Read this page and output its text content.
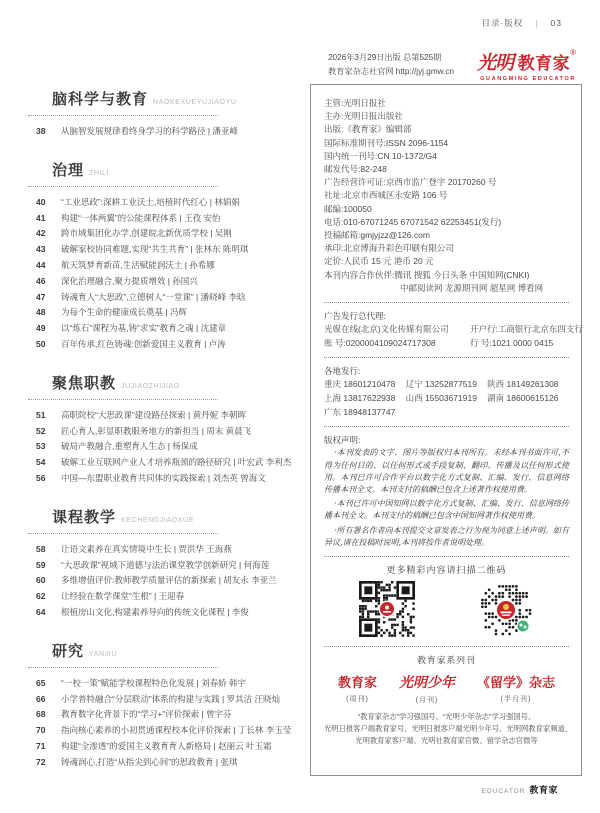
目录·版权 | 03
脑科学与教育 NAOKEXUEYUJIAOYU
38	从脑智发展规律看终身学习的科学路径 | 潘亚峰
治理 ZHILI
40	“工业思政”:深耕工业沃土,培植时代红心 | 林娟娟
41	构建“一体两翼”的公能课程体系 | 王孜 安怡
42	跨市域集团化办学,创建皖北新优质学校 | 吴刚
43	破解家校协同难题,实现“共生共育” | 张林东 陈明琪
44	航天筑梦育新苗,生活赋能润沃土 | 孙希娜
46	深化治理融合,聚力提质增效 | 孙国兴
47	铸魂育人“大思政”,立德树人“一堂课” | 潘晓峰 李晗
48	为每个生命的健康成长奠基 | 冯辉
49	以“炼石”课程为基,铸“求实”教育之魂 | 沈建章
50	百年传承,红色铸魂:创新爱国主义教育 | 卢涛
聚焦职教 JUJIAOZHIJIAO
51	高职院校“大思政课”建设路径探索 | 黄丹妮 李朝晖
52	匠心育人,彰显职教服务地方的新担当 | 周末 黄晨飞
53	破局产教融合,重塑育人生态 | 杨保成
54	破解工业互联网产业人才培养瓶颈的路径研究 | 叶宏武 李利杰
56	中国—东盟职业教育共同体的实践探索 | 刘杰英 曾海文
课程教学 KECHENGJIAOXUE
58	让语文素养在真实情境中生长 | 贾洪华 王海燕
59	“大思政课”视域下道德与法治课堂教学创新研究 | 何海莲
60	多维增值评价:教师教学质量评估的新探索 | 胡友永 李亚兰
62	让经验在数学课堂“生根” | 王迎春
64	根植房山文化,构建素养导向的传统文化课程 | 李俊
研究 YANJIU
65	“一校一策”赋能学校课程特色化发展 | 刘春娇 韩宇
66	小学普特融合“分层联动”体系的构建与实践 | 罗其洁 汪晓灿
68	教育数字化背景下的“学习+”评价探索 | 曾宇芬
70	指向核心素养的小初贯通课程校本化评价探索 | 丁长林 李玉莹
71	构建“全渗透”的爱国主义教育育人新格局 | 赵丽云 叶玉霜
72	铸魂润心,打造“从指尖到心间”的思政教育 | 张琪
2026年3月29日出版 总第525期
教育家杂志社官网 http://jyj.gmw.cn 光明 教育家®
GUANGMING EDUCATOR
主管:光明日报社
主办:光明日报出版社
出版:《教育家》编辑部
国际标准期刊号:ISSN 2096-1154
国内统一刊号:CN 10-1372/G4
邮发代号:82-248
广告经营许可证:京西市监广登字 20170260 号
社址:北京市西城区永安路 106 号
邮编:100050
电话:010-67071245 67071542 62253451(发行)
投稿邮箱:gmjyjzz@126.com
承印:北京博海升彩色印刷有限公司
定价:人民币 15 元 港币 20 元
本刊内容合作伙伴:腾讯 搜狐 今日头条 中国知网(CNKI)
中邮阅读网 龙源期刊网 超星网 博看网
广告发行总代理:
光媒在线(北京)文化传媒有限公司	开户行:工商银行北京东四支行
账 号:0200004109024717308	行 号:1021 0000 0415
各地发行:
重庆 18601210478	辽宁 13252877519	陕西 18149261308
上海 13817622938	山西 15503671919	湖南 18600615126
广东 18948137747
版权声明:

·本刊发表的文字、图片等版权归本刊所有。未经本刊书面许可,不得为任何目的、以任何形式或手段复制、翻印、传播及以任何形式使用。本刊已许可合作平台以数字化方式复制、汇编、发行、信息网络传播本刊全文。本刊支付的稿酬已包含上述著作权使用费。

·本刊已许可中国知网以数字化方式复制、汇编、发行、信息网络传播本刊全文。本刊支付的稿酬已包含中国知网著作权使用费。

·所有署名作者向本刊提交文章发表之行为视为同意上述声明。如有异议,请在投稿时说明,本刊将按作者说明处理。

更多精彩内容请扫描二维码
教育家系列刊
教育家
(周刊)
光明少年
(月刊)
《留学》杂志
(半月刊)
“教育家杂志”学习强国号、“光明少年杂志”学习强国号、
光明日报客户端教育家号、光明日报客户端光明少年号、光明网教育家频道、
光明教育家客户端、光明社教育家官微、留学杂志官微等
EDUCATOR 教育家
